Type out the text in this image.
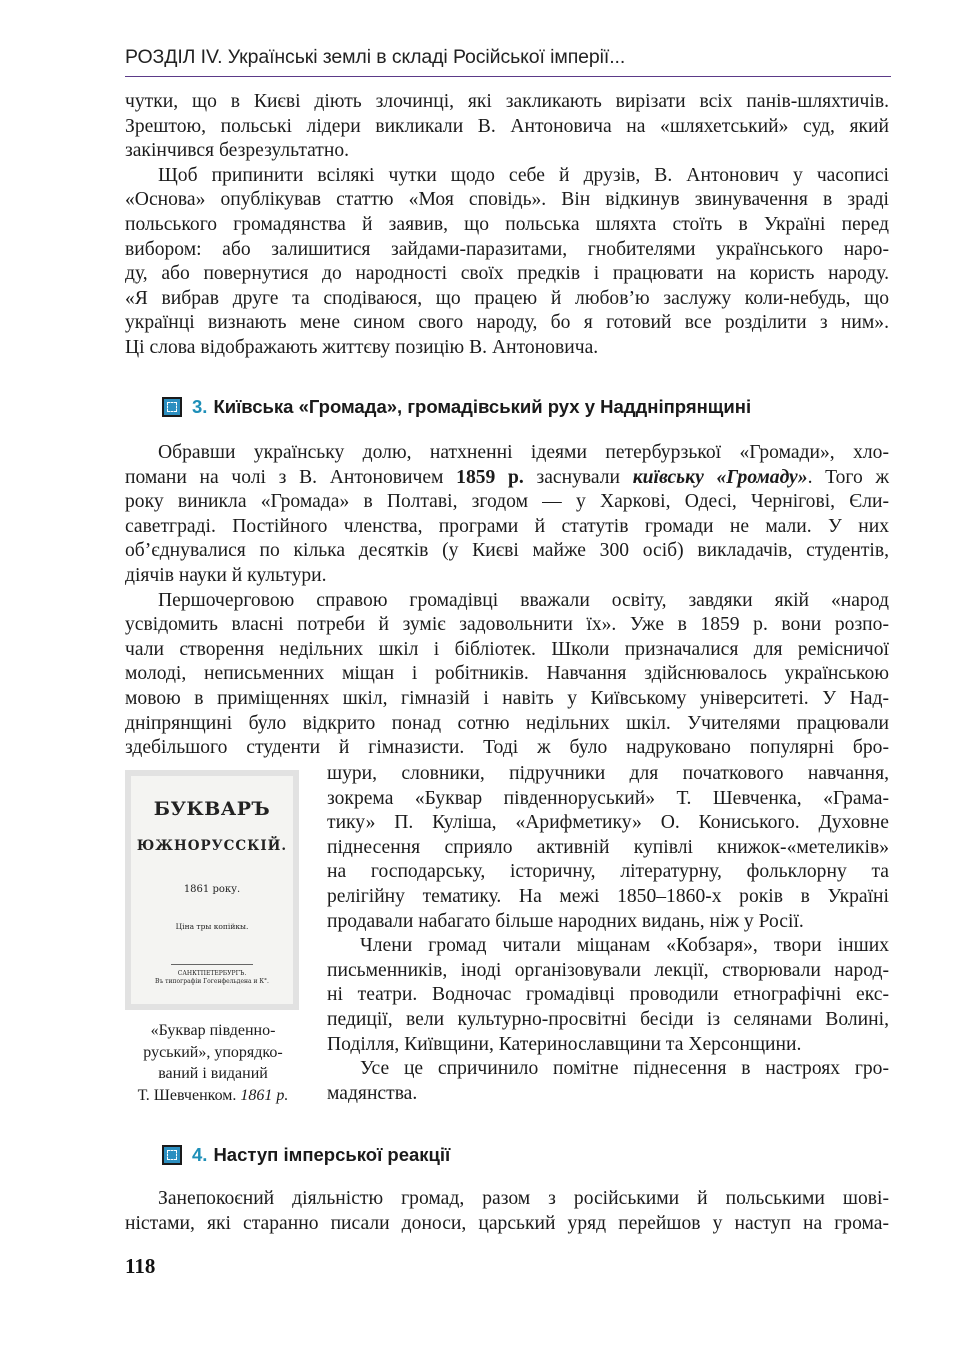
РОЗДІЛ IV. Українські землі в складі Російської імперії...

чутки, що в Києві діють злочинці, які закликають вирізати всіх панів-шляхтичів.
Зрештою, польські лідери викликали В. Антоновича на «шляхетський» суд, який
закінчився безрезультатно.

Щоб припинити всілякі чутки щодо себе й друзів, В. Антонович у часописі
«Основа» опублікував статтю «Моя сповідь». Він відкинув звинувачення в зраді
польського громадянства й заявив, що польська шляхта стоїть в Україні перед
вибором: або залишитися зайдами-паразитами, гнобителями українського наро-
ду, або повернутися до народності своїх предків і працювати на користь народу.
«Я вибрав друге та сподіваюся, що працею й любов’ю заслужу коли-небудь, що
українці визнають мене сином свого народу, бо я готовий все розділити з ним».
Ці слова відображають життєву позицію В. Антоновича.

3. Київська «Громада», громадівський рух у Наддніпрянщині

Обравши українську долю, натхненні ідеями петербурзької «Громади», хло-
помани на чолі з В. Антоновичем 1859 р. заснували київську «Громаду». Того ж
року виникла «Громада» в Полтаві, згодом — у Харкові, Одесі, Чернігові, Єли-
саветграді. Постійного членства, програми й статутів громади не мали. У них
об’єднувалися по кілька десятків (у Києві майже 300 осіб) викладачів, студентів,
діячів науки й культури.

Першочерговою справою громадівці вважали освіту, завдяки якій «народ
усвідомить власні потреби й зуміє задовольнити їх». Уже в 1859 р. вони розпо-
чали створення недільних шкіл і бібліотек. Школи призначалися для ремісничої
молоді, неписьменних міщан і робітників. Навчання здійснювалось українською
мовою в приміщеннях шкіл, гімназій і навіть у Київському університеті. У Над-
дніпрянщині було відкрито понад сотню недільних шкіл. Учителями працювали
здебільшого студенти й гімназисти. Тоді ж було надруковано популярні бро-

БУКВАРЪ
ЮЖНОРУССКІЙ.
1861 року.
Ціна тры копійкы.
САНКТПЕТЕРБУРГЪ.
Въ типографіи Гогенфельдена и К°.
«Буквар південно-
руський», упорядко-
ваний і виданий
Т. Шевченком. 1861 р.

шури, словники, підручники для початкового навчання,
зокрема «Буквар південноруський» Т. Шевченка, «Грама-
тику» П. Куліша, «Арифметику» О. Кониського. Духовне
піднесення сприяло активній купівлі книжок-«метеликів»
на господарську, історичну, літературну, фольклорну та
релігійну тематику. На межі 1850–1860-х років в Україні
продавали набагато більше народних видань, ніж у Росії.

Члени громад читали міщанам «Кобзаря», твори інших
письменників, іноді організовували лекції, створювали народ-
ні театри. Водночас громадівці проводили етнографічні екс-
педиції, вели культурно-просвітні бесіди із селянами Волині,
Поділля, Київщини, Катеринославщини та Херсонщини.

Усе це спричинило помітне піднесення в настроях гро-
мадянства.

4. Наступ імперської реакції

Занепокоєний діяльністю громад, разом з російськими й польськими шові-
ністами, які старанно писали доноси, царський уряд перейшов у наступ на грома-

118
